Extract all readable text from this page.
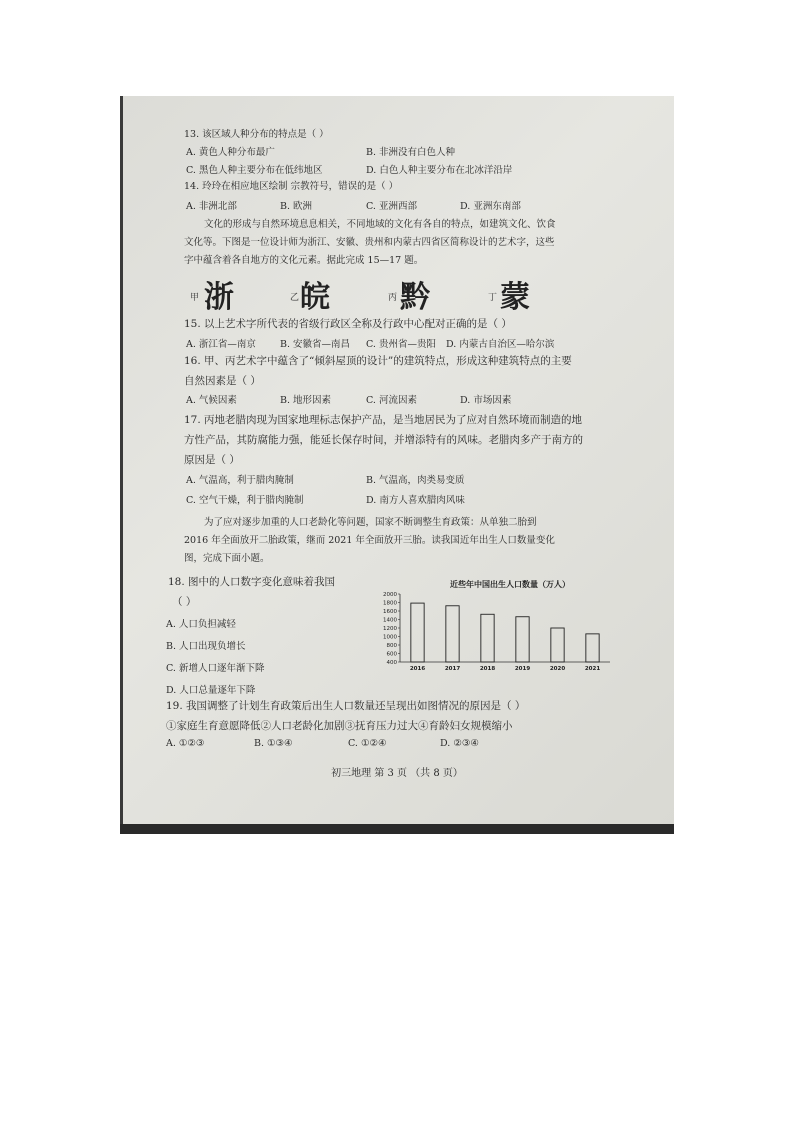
13. 该区域人种分布的特点是（ ）
A. 黄色人种分布最广	B. 非洲没有白色人种
C. 黑色人种主要分布在低纬地区	D. 白色人种主要分布在北冰洋沿岸
14. 玲玲在相应地区绘制 宗教符号，错误的是（ ）
A. 非洲北部	B. 欧洲	C. 亚洲西部	D. 亚洲东南部
文化的形成与自然环境息息相关，不同地域的文化有各自的特点，如建筑文化、饮食
文化等。下图是一位设计师为浙江、安徽、贵州和内蒙古四省区简称设计的艺术字，这些
字中蕴含着各自地方的文化元素。据此完成 15—17 题。
甲 浙	乙 皖	丙 黔	丁 蒙
15. 以上艺术字所代表的省级行政区全称及行政中心配对正确的是（ ）
A. 浙江省—南京	B. 安徽省—南昌 C. 贵州省—贵阳 D. 内蒙古自治区—哈尔滨
16. 甲、丙艺术字中蕴含了“倾斜屋顶的设计”的建筑特点，形成这种建筑特点的主要
自然因素是（ ）
A. 气候因素	B. 地形因素	C. 河流因素	D. 市场因素
17. 丙地老腊肉现为国家地理标志保护产品，是当地居民为了应对自然环境而制造的地
方性产品，其防腐能力强，能延长保存时间，并增添特有的风味。老腊肉多产于南方的
原因是（ ）
A. 气温高，利于腊肉腌制	B. 气温高，肉类易变质
C. 空气干燥，利于腊肉腌制	D. 南方人喜欢腊肉风味
为了应对逐步加重的人口老龄化等问题，国家不断调整生育政策：从单独二胎到
2016 年全面放开二胎政策，继而 2021 年全面放开三胎。读我国近年出生人口数量变化
图，完成下面小题。
18. 图中的人口数字变化意味着我国
（ ）
A. 人口负担减轻
B. 人口出现负增长
C. 新增人口逐年渐下降
D. 人口总量逐年下降
近些年中国出生人口数量（万人）
400
600
800
1000
1200
1400
1600
1800
2000
2016	2017	2018	2019	2020	2021
19. 我国调整了计划生育政策后出生人口数量还呈现出如图情况的原因是（ ）
①家庭生育意愿降低②人口老龄化加剧③抚育压力过大④育龄妇女规模缩小
A. ①②③	B. ①③④	C. ①②④	D. ②③④
初三地理 第 3 页 （共 8 页）
